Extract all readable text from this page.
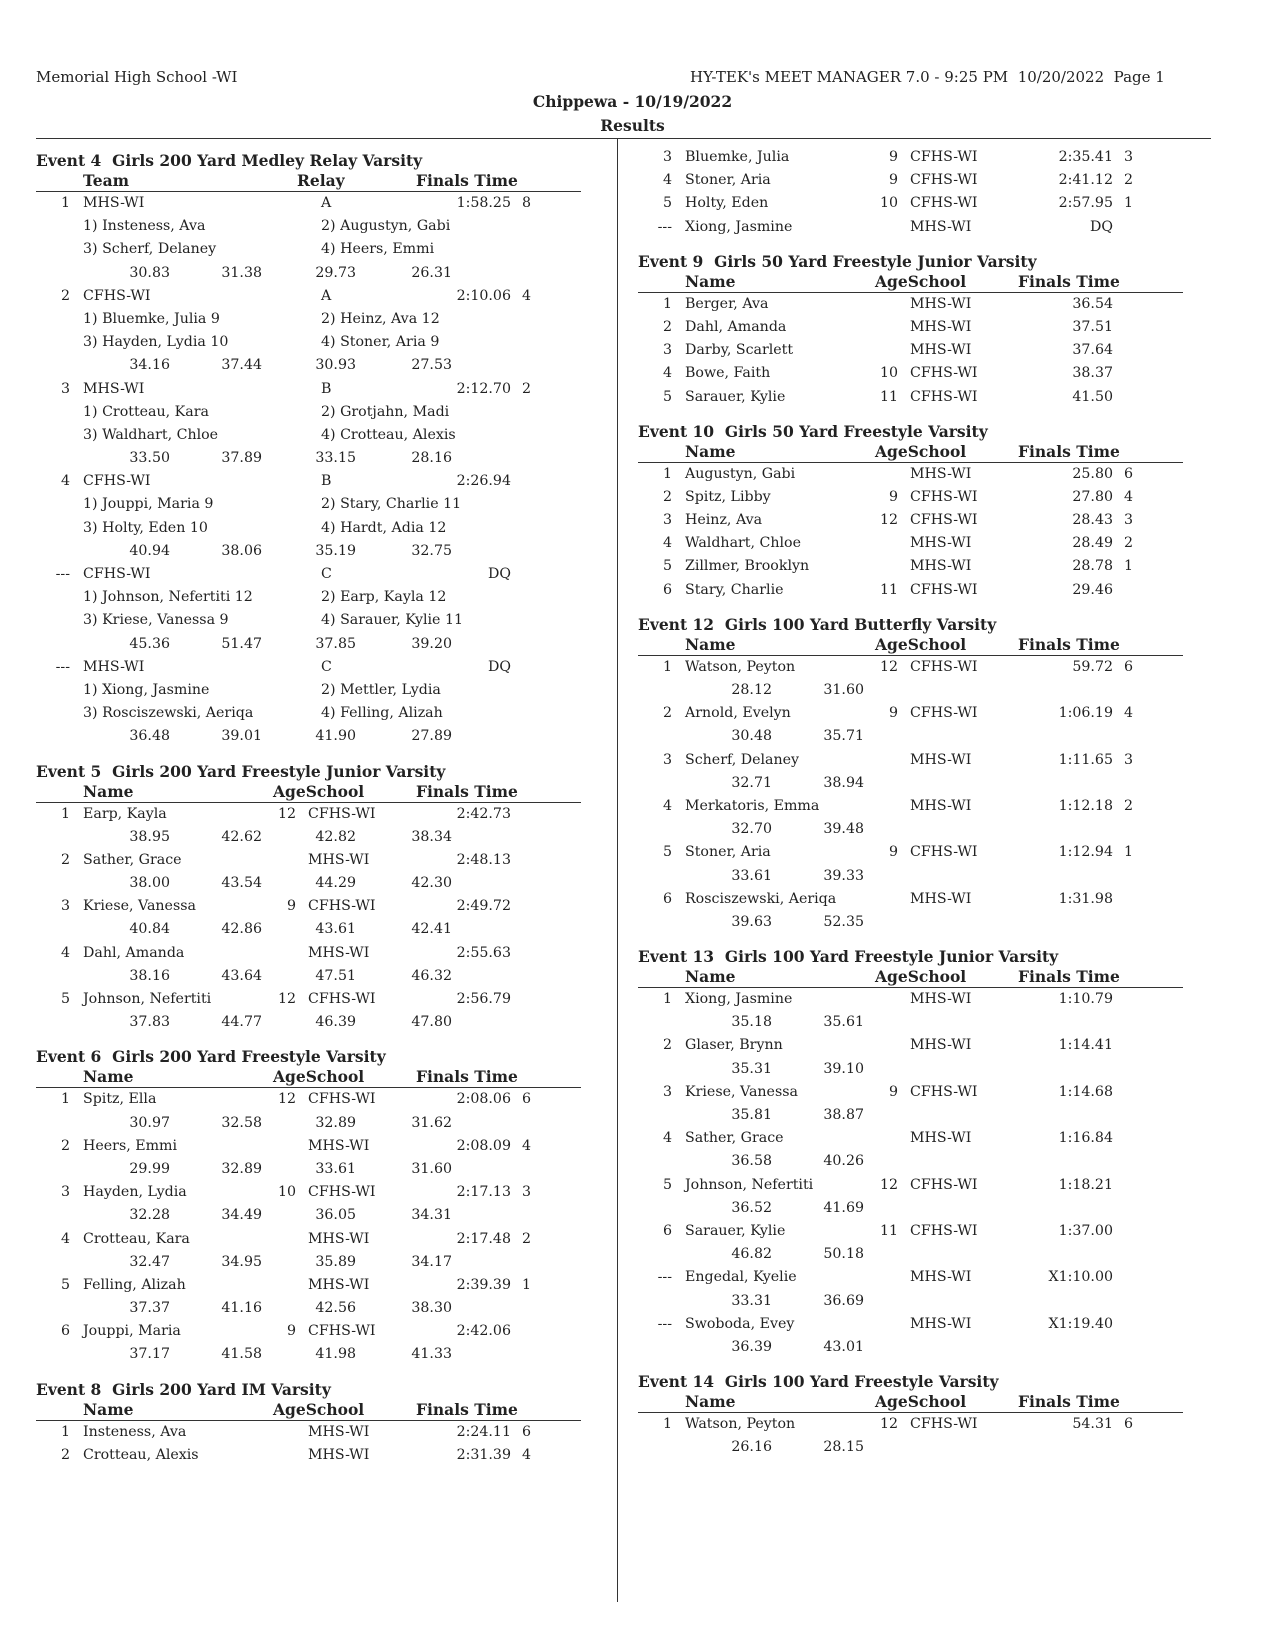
Memorial High School -WI	HY-TEK's MEET MANAGER 7.0 - 9:25 PM  10/20/2022  Page 1
Chippewa - 10/19/2022
Results
Event 4  Girls 200 Yard Medley Relay Varsity
Team	Relay	Finals Time
1 MHS-WI	A	1:58.25 8
1) Insteness, Ava	2) Augustyn, Gabi
3) Scherf, Delaney	4) Heers, Emmi
30.83	31.38	29.73	26.31
2 CFHS-WI	A	2:10.06 4
1) Bluemke, Julia 9	2) Heinz, Ava 12
3) Hayden, Lydia 10	4) Stoner, Aria 9
34.16	37.44	30.93	27.53
3 MHS-WI	B	2:12.70 2
1) Crotteau, Kara	2) Grotjahn, Madi
3) Waldhart, Chloe	4) Crotteau, Alexis
33.50	37.89	33.15	28.16
4 CFHS-WI	B	2:26.94
1) Jouppi, Maria 9	2) Stary, Charlie 11
3) Holty, Eden 10	4) Hardt, Adia 12
40.94	38.06	35.19	32.75
--- CFHS-WI	C	DQ
1) Johnson, Nefertiti 12	2) Earp, Kayla 12
3) Kriese, Vanessa 9	4) Sarauer, Kylie 11
45.36	51.47	37.85	39.20
--- MHS-WI	C	DQ
1) Xiong, Jasmine	2) Mettler, Lydia
3) Rosciszewski, Aeriqa	4) Felling, Alizah
36.48	39.01	41.90	27.89
Event 5  Girls 200 Yard Freestyle Junior Varsity
Name	AgeSchool	Finals Time
1 Earp, Kayla	12 CFHS-WI	2:42.73
38.95	42.62	42.82	38.34
2 Sather, Grace	MHS-WI	2:48.13
38.00	43.54	44.29	42.30
3 Kriese, Vanessa	9 CFHS-WI	2:49.72
40.84	42.86	43.61	42.41
4 Dahl, Amanda	MHS-WI	2:55.63
38.16	43.64	47.51	46.32
5 Johnson, Nefertiti	12 CFHS-WI	2:56.79
37.83	44.77	46.39	47.80
Event 6  Girls 200 Yard Freestyle Varsity
Name	AgeSchool	Finals Time
1 Spitz, Ella	12 CFHS-WI	2:08.06 6
30.97	32.58	32.89	31.62
2 Heers, Emmi	MHS-WI	2:08.09 4
29.99	32.89	33.61	31.60
3 Hayden, Lydia	10 CFHS-WI	2:17.13 3
32.28	34.49	36.05	34.31
4 Crotteau, Kara	MHS-WI	2:17.48 2
32.47	34.95	35.89	34.17
5 Felling, Alizah	MHS-WI	2:39.39 1
37.37	41.16	42.56	38.30
6 Jouppi, Maria	9 CFHS-WI	2:42.06
37.17	41.58	41.98	41.33
Event 8  Girls 200 Yard IM Varsity
Name	AgeSchool	Finals Time
1 Insteness, Ava	MHS-WI	2:24.11 6
2 Crotteau, Alexis	MHS-WI	2:31.39 4
3 Bluemke, Julia	9 CFHS-WI	2:35.41 3
4 Stoner, Aria	9 CFHS-WI	2:41.12 2
5 Holty, Eden	10 CFHS-WI	2:57.95 1
--- Xiong, Jasmine	MHS-WI	DQ
Event 9  Girls 50 Yard Freestyle Junior Varsity
Name	AgeSchool	Finals Time
1 Berger, Ava	MHS-WI	36.54
2 Dahl, Amanda	MHS-WI	37.51
3 Darby, Scarlett	MHS-WI	37.64
4 Bowe, Faith	10 CFHS-WI	38.37
5 Sarauer, Kylie	11 CFHS-WI	41.50
Event 10  Girls 50 Yard Freestyle Varsity
Name	AgeSchool	Finals Time
1 Augustyn, Gabi	MHS-WI	25.80 6
2 Spitz, Libby	9 CFHS-WI	27.80 4
3 Heinz, Ava	12 CFHS-WI	28.43 3
4 Waldhart, Chloe	MHS-WI	28.49 2
5 Zillmer, Brooklyn	MHS-WI	28.78 1
6 Stary, Charlie	11 CFHS-WI	29.46
Event 12  Girls 100 Yard Butterfly Varsity
Name	AgeSchool	Finals Time
1 Watson, Peyton	12 CFHS-WI	59.72 6
28.12	31.60
2 Arnold, Evelyn	9 CFHS-WI	1:06.19 4
30.48	35.71
3 Scherf, Delaney	MHS-WI	1:11.65 3
32.71	38.94
4 Merkatoris, Emma	MHS-WI	1:12.18 2
32.70	39.48
5 Stoner, Aria	9 CFHS-WI	1:12.94 1
33.61	39.33
6 Rosciszewski, Aeriqa	MHS-WI	1:31.98
39.63	52.35
Event 13  Girls 100 Yard Freestyle Junior Varsity
Name	AgeSchool	Finals Time
1 Xiong, Jasmine	MHS-WI	1:10.79
35.18	35.61
2 Glaser, Brynn	MHS-WI	1:14.41
35.31	39.10
3 Kriese, Vanessa	9 CFHS-WI	1:14.68
35.81	38.87
4 Sather, Grace	MHS-WI	1:16.84
36.58	40.26
5 Johnson, Nefertiti	12 CFHS-WI	1:18.21
36.52	41.69
6 Sarauer, Kylie	11 CFHS-WI	1:37.00
46.82	50.18
--- Engedal, Kyelie	MHS-WI	X1:10.00
33.31	36.69
--- Swoboda, Evey	MHS-WI	X1:19.40
36.39	43.01
Event 14  Girls 100 Yard Freestyle Varsity
Name	AgeSchool	Finals Time
1 Watson, Peyton	12 CFHS-WI	54.31 6
26.16	28.15
